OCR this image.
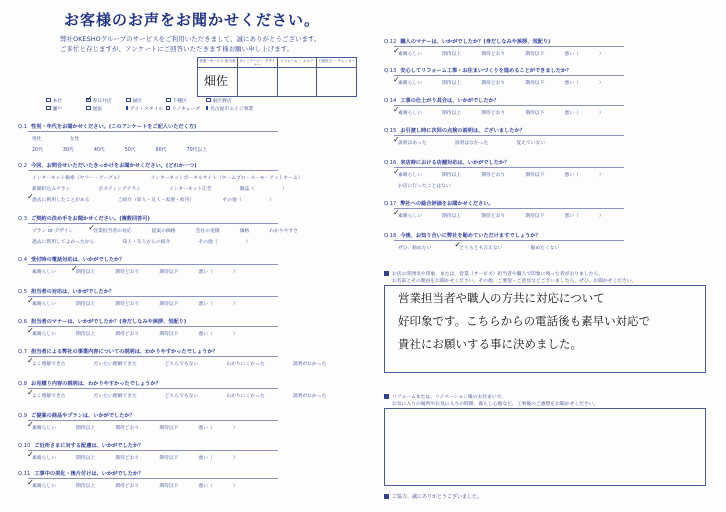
お客様のお声をお聞かせください。
弊社OKESHOグループのサービスをご利用いただきまして、誠にありがとうございます。
ご多忙と存じますが、アンケートにご回答いただきます様お願い申し上げます。
営業・サービス 担当者
畑佐
ヴィンテージ・ デザイナー
リフォーム ・ エステ	工程担当 ・ チェッカー
本社	✓ 春日井店	緑区	千種区	東区野店
瀬戸	尾張	アイ・スタイル リノキューブ 名古屋市エイジ事業
Q.1 性別・年代をお聞かせください。(このアンケートをご記入いただく方)
男性	女性
20代	30代	40代	50代	60代	70代以上
Q.2 今回、お問合せいただいたきっかけをお聞かせください。(どれか一つ)
インターネット検索（ヤフー・グーグル）	インターネットポータルサイト（ホームプロ・スーモ・アットホーム）
新聞折込みチラシ	ポスティングチラシ	インターネット広告	雑誌（	）
過去に利用したことがある
✓	ご紹介（知人・友人・家族・町内）	その他（	）
Q.3 ご契約の決め手をお聞かせください。(複数回答可)
プラン or デザイン	営業担当者の対応
✓	提案の価格	会社の実績	価格	わかりやすさ
過去に利用してよかったから	知人・友人からの紹介	その他（	）
Q.4 受付時の電話対応は、いかがでしたか？
素晴らしい	期待以上
✓	期待どおり	期待以下	悪い（	）
Q.5 担当者の対応は、いかがでしたか？
素晴らしい
✓	期待以上	期待どおり	期待以下	悪い（	）
Q.6 担当者のマナーは、いかがでしたか？(身だしなみや挨拶、気配り)
素晴らしい
✓	期待以上	期待どおり	期待以下	悪い（	）
Q.7 担当者による弊社の事業内容についての説明は、わかりやすかったでしょうか？
よく理解できた
✓	だいたい理解できた	どちらでもない	わかりにくかった	説明がなかった
Q.8 お見積り内容の説明は、わかりやすかったでしょうか？
よく理解できた
✓	だいたい理解できた	どちらでもない	わかりにくかった	説明がなかった
Q.9 ご提案の商品やプランは、いかがでしたか？
素晴らしい
✓	期待以上	期待どおり	期待以下	悪い（	）
Q.10 ご近所さまに対する配慮は、いかがでしたか？
素晴らしい
✓	期待以上	期待どおり	期待以下	悪い（	）
Q.11 工事中の美化・後片付けは、いかがでしたか？
素晴らしい
✓	期待以上	期待どおり	期待以下	悪い（	）
Q.12 職人のマナーは、いかがでしたか？(身だしなみや挨拶、気配り)
素晴らしい
✓	期待以上	期待どおり	期待以下	悪い（	）
Q.13 安心してリフォーム工事・お住まいづくりを進めることができましたか？
素晴らしい
✓	期待以上	期待どおり	期待以下	悪い（	）
Q.14 工事の仕上がり具合は、いかがでしたか？
素晴らしい
✓	期待以上	期待どおり	期待以下	悪い（	）
Q.15 お引渡し時に次回の点検の説明は、ございましたか？
説明はあった
✓	説明はなかった	覚えていない
Q.16 来店時における店舗対応は、いかがでしたか？
素晴らしい
✓	期待以上	期待どおり	期待以下	悪い（	）
お店に行ったことはない
Q.17 弊社への総合評価をお聞かせください。
素晴らしい
✓	期待以上	期待どおり	期待以下	悪い（	）
Q.18 今後、お知り合いに弊社を勧めていただけますでしょうか？
ぜひ、勧めたい	どちらとも言えない
✓	勧めたくない
お店の雰囲気や印象、または、営業（サービス）担当者や職人で印象に残った者がおりましたら、
お名前とその理由をお聞かせください。その他、ご要望・ご意見などございましたら、ぜひ、お聞かせください。
営業担当者や職人の方共に対応について
好印象です。こちらからの電話後も素早い対応で
貴社にお願いする事に決めました。
リフォームまたは、リノベーション後のお住まいで、
お気に入りの場所やお気に入りの時間、暮らし心地など、工事後のご感想をお聞かせください。
ご協力、誠にありがとうございました。
